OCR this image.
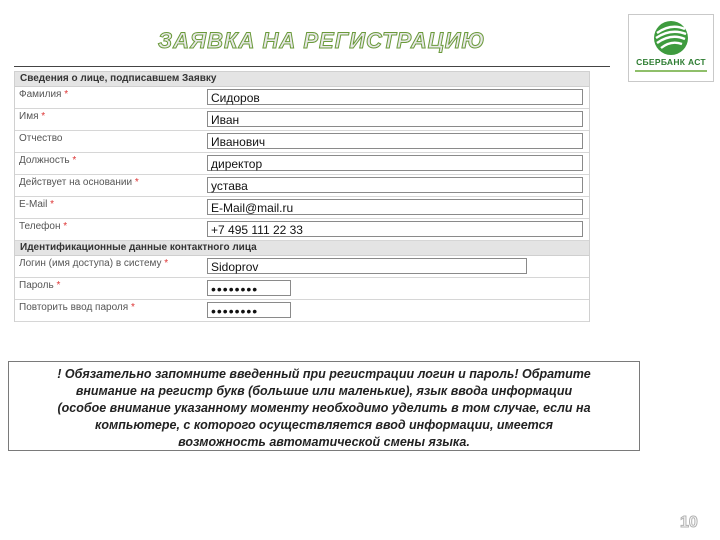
ЗАЯВКА НА РЕГИСТРАЦИЮ
СБЕРБАНК АСТ
Сведения о лице, подписавшем Заявку
Фамилия *	Сидоров
Имя *	Иван
Отчество	Иванович
Должность *	директор
Действует на основании *	устава
E-Mail *	E-Mail@mail.ru
Телефон *	+7 495 111 22 33
Идентификационные данные контактного лица
Логин (имя доступа) в систему *	Sidoprov
Пароль *	••••••••
Повторить ввод пароля *	••••••••

! Обязательно запомните введенный при регистрации логин и пароль! Обратите

внимание на регистр букв (большие или маленькие), язык ввода информации

(особое внимание указанному моменту необходимо уделить в том случае, если на

компьютере, с которого осуществляется ввод информации, имеется

возможность автоматической смены языка.

10
